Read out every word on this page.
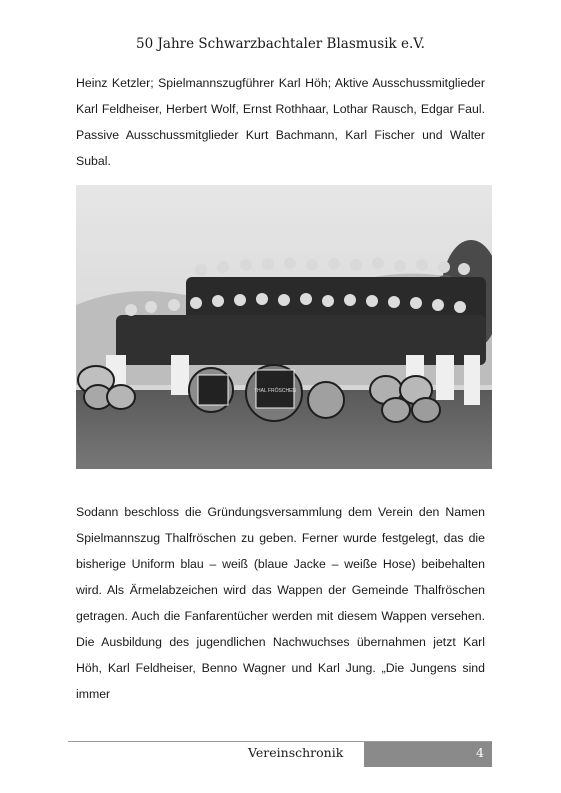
50 Jahre Schwarzbachtaler Blasmusik e.V.

Heinz Ketzler; Spielmannszugführer Karl Höh; Aktive Ausschussmitglieder Karl Feldheiser, Herbert Wolf, Ernst Rothhaar, Lothar Rausch, Edgar Faul. Passive Ausschussmitglieder Kurt Bachmann, Karl Fischer und Walter Subal.

THAL FRÖSCHEN

Sodann beschloss die Gründungsversammlung dem Verein den Namen Spielmannszug Thalfröschen zu geben. Ferner wurde festgelegt, das die bisherige Uniform blau – weiß (blaue Jacke – weiße Hose) beibehalten wird. Als Ärmelabzeichen wird das Wappen der Gemeinde Thalfröschen getragen. Auch die Fanfarentücher werden mit diesem Wappen versehen. Die Ausbildung des jugendlichen Nachwuchses übernahmen jetzt Karl Höh, Karl Feldheiser, Benno Wagner und Karl Jung. „Die Jungens sind immer

Vereinschronik	4
